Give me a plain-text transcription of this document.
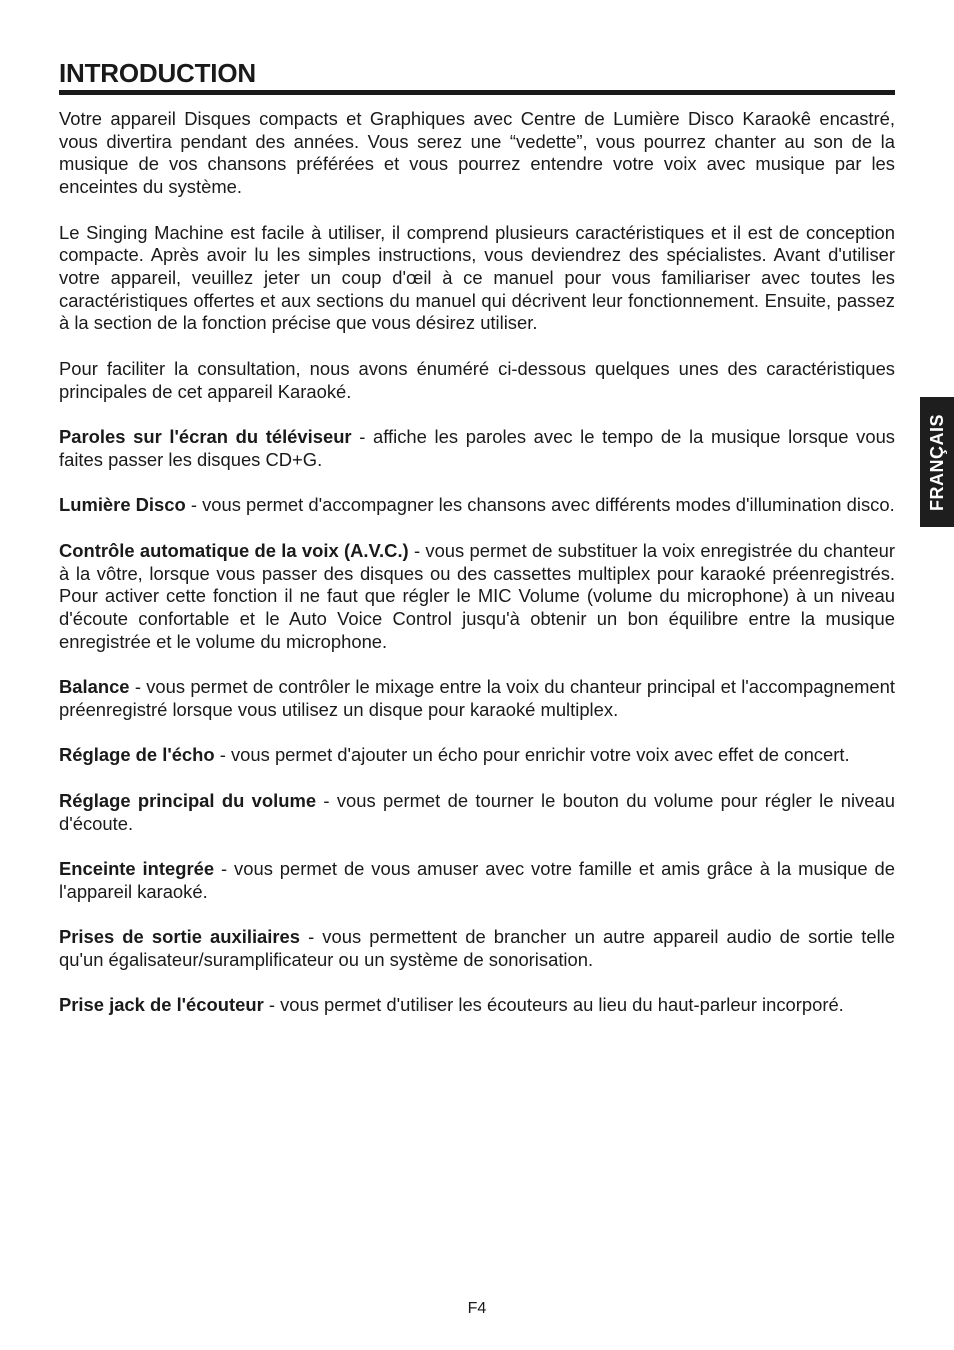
INTRODUCTION

Votre appareil Disques compacts et Graphiques avec Centre de Lumière Disco Karaokê encastré, vous divertira pendant des années. Vous serez une “vedette”, vous pourrez chanter au son de la musique de vos chansons préférées et vous pourrez entendre votre voix avec musique par les enceintes du système.

Le Singing Machine est facile à utiliser, il comprend plusieurs caractéristiques et il est de conception compacte. Après avoir lu les simples instructions, vous deviendrez des spécialistes. Avant d'utiliser votre appareil, veuillez jeter un coup d'œil à ce manuel pour vous familiariser avec toutes les caractéristiques offertes et aux sections du manuel qui décrivent leur fonctionnement. Ensuite, passez à la section de la fonction précise que vous désirez utiliser.

Pour faciliter la consultation, nous avons énuméré ci-dessous quelques unes des caractéristiques principales de cet appareil Karaoké.

Paroles sur l'écran du téléviseur - affiche les paroles avec le tempo de la musique lorsque vous faites passer les disques CD+G.

Lumière Disco - vous permet d'accompagner les chansons avec différents modes d'illumination disco.

Contrôle automatique de la voix (A.V.C.) - vous permet de substituer la voix enregistrée du chanteur à la vôtre, lorsque vous passer des disques ou des cassettes multiplex pour karaoké préenregistrés. Pour activer cette fonction il ne faut que régler le MIC Volume (volume du microphone) à un niveau d'écoute confortable et le Auto Voice Control jusqu'à obtenir un bon équilibre entre la musique enregistrée et le volume du microphone.

Balance - vous permet de contrôler le mixage entre la voix du chanteur principal et l'accompagnement préenregistré lorsque vous utilisez un disque pour karaoké multiplex.

Réglage de l'écho - vous permet d'ajouter un écho pour enrichir votre voix avec effet de concert.

Réglage principal du volume - vous permet de tourner le bouton du volume pour régler le niveau d'écoute.

Enceinte integrée - vous permet de vous amuser avec votre famille et amis grâce à la musique de l'appareil karaoké.

Prises de sortie auxiliaires - vous permettent de brancher un autre appareil audio de sortie telle qu'un égalisateur/suramplificateur ou un système de sonorisation.

Prise jack de l'écouteur - vous permet d'utiliser les écouteurs au lieu du haut-parleur incorporé.

FRANÇAIS
F4
